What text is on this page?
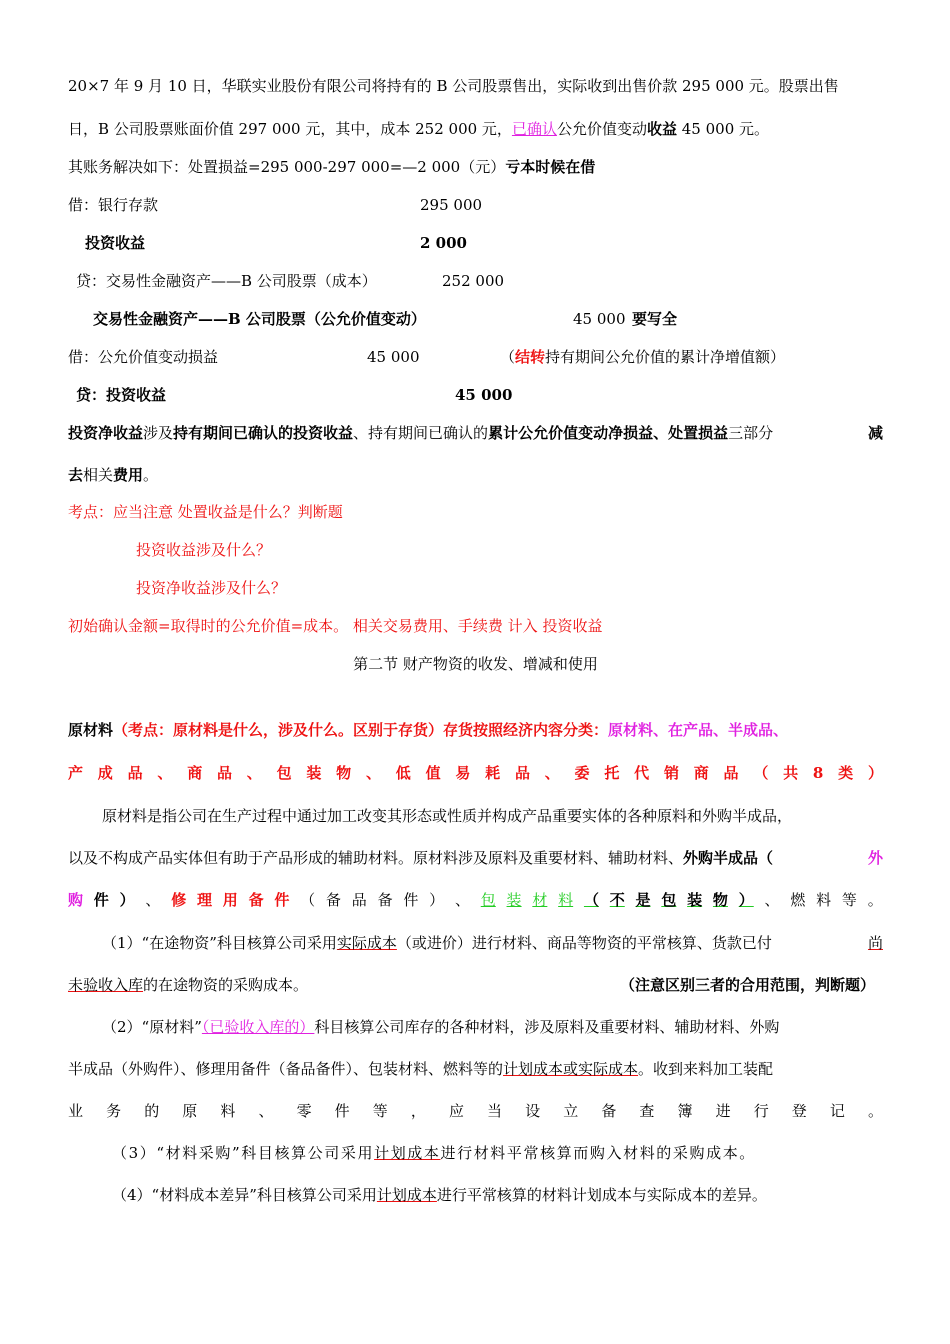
20×7 年 9 月 10 日，华联实业股份有限公司将持有的 B 公司股票售出，实际收到出售价款 295 000 元。股票出售
日，B 公司股票账面价值 297 000 元，其中，成本 252 000 元，已确认公允价值变动收益 45 000 元。
其账务解决如下：处置损益=295 000-297 000=—2 000（元）亏本时候在借
借：银行存款	295 000
投资收益	2 000
贷：交易性金融资产——B 公司股票（成本）	252 000
交易性金融资产——B 公司股票（公允价值变动）	45 000 要写全
借：公允价值变动损益	45 000	（结转持有期间公允价值的累计净增值额）
贷：投资收益	45 000
投资净收益涉及持有期间已确认的投资收益、持有期间已确认的累计公允价值变动净损益、处置损益三部分	减
去相关费用。
考点：应当注意 处置收益是什么？判断题
投资收益涉及什么？
投资净收益涉及什么？
初始确认金额=取得时的公允价值=成本。 相关交易费用、手续费 计入 投资收益
第二节 财产物资的收发、增减和使用
原材料（考点：原材料是什么，涉及什么。区别于存货）存货按照经济内容分类：原材料、在产品、半成品、
产 成 品 、 商 品 、 包 装 物 、 低 值 易 耗 品 、 委 托 代 销 商 品 （ 共 8 类 ）
原材料是指公司在生产过程中通过加工改变其形态或性质并构成产品重要实体的各种原料和外购半成品，
以及不构成产品实体但有助于产品形成的辅助材料。原材料涉及原料及重要材料、辅助材料、外购半成品（	外
购 件 ） 、 修 理 用 备 件 （ 备 品 备 件 ） 、 包 装 材 料 （ 不 是 包 装 物 ） 、 燃 料 等 。
（1）“在途物资”科目核算公司采用实际成本（或进价）进行材料、商品等物资的平常核算、货款已付	尚
未验收入库的在途物资的采购成本。	（注意区别三者的合用范围，判断题）
（2）“原材料”（已验收入库的）科目核算公司库存的各种材料，涉及原料及重要材料、辅助材料、外购
半成品（外购件）、修理用备件（备品备件）、包装材料、燃料等的计划成本或实际成本。收到来料加工装配
业 务 的 原 料 、 零 件 等 ， 应 当 设 立 备 查 簿 进 行 登 记 。
（3）“材料采购”科目核算公司采用计划成本进行材料平常核算而购入材料的采购成本。
（4）“材料成本差异”科目核算公司采用计划成本进行平常核算的材料计划成本与实际成本的差异。
